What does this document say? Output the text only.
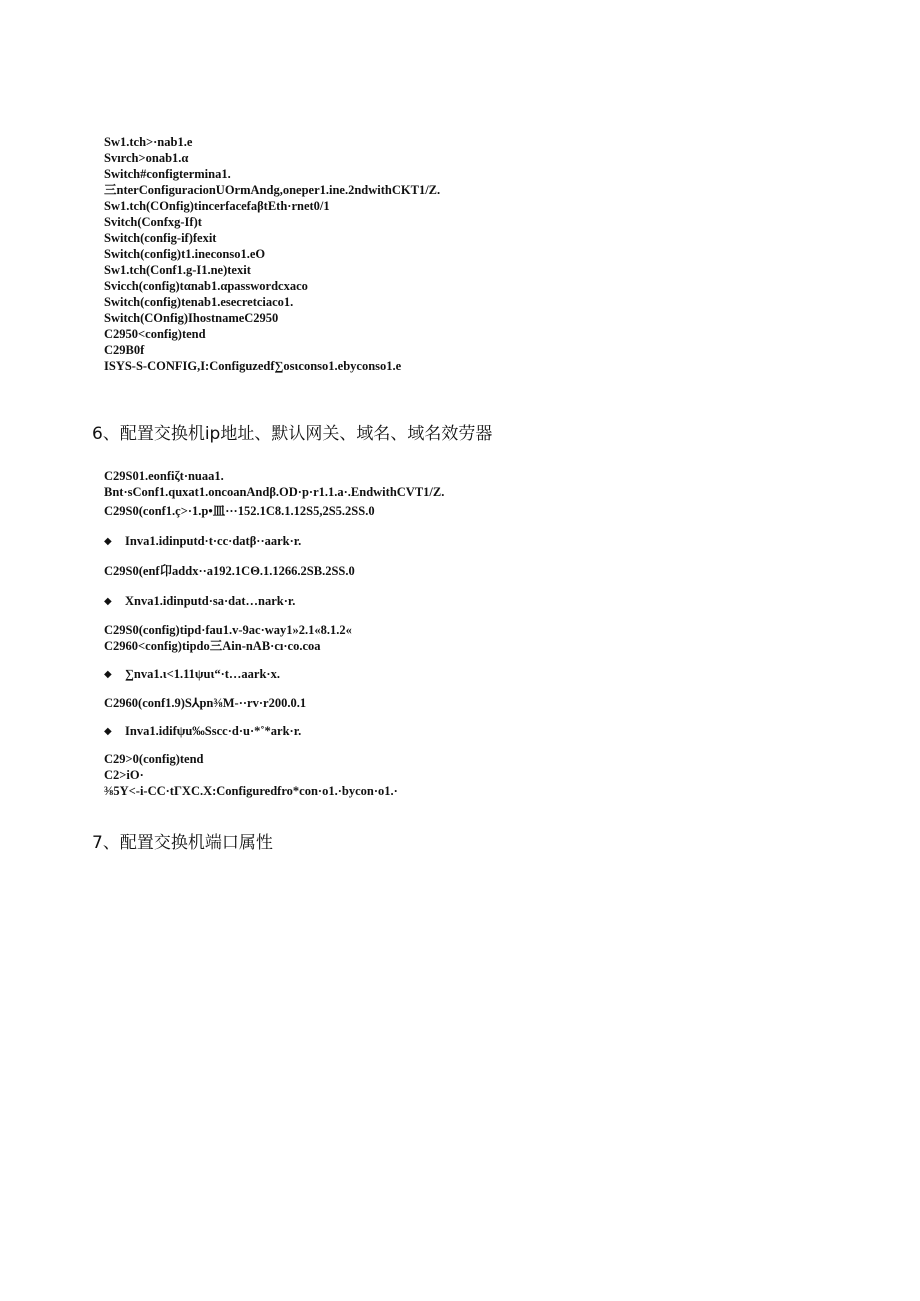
Sw1.tch>·nab1.e
Svırch>onab1.α
Switch#configtermina1.
三nterConfiguracionUOrmAndg,oneper1.ine.2ndwithCKT1/Z.
Sw1.tch(COnfig)tincerfacefaβtEth·rnet0/1
Svitch(Confxg-If)t
Switch(config-if)fexit
Switch(config)t1.ineconso1.eO
Sw1.tch(Conf1.g-I1.ne)texit
Svicch(config)tαnab1.αpasswordcxaco
Switch(config)tenab1.esecretciaco1.
Switch(COnfig)IhostnameC2950
C2950<config)tend
C29B0f
ISYS-S-CONFIG,I:Configuzedf∑osιconso1.ebyconso1.e
6、配置交换机ip地址、默认网关、域名、域名效劳器
C29S01.eonfiζt·nuaa1.
Bnt·sConf1.quxat1.oncoanAndβ.OD·p·r1.1.a·.EndwithCVT1/Z.
C29S0(conf1.ç>·1.p•皿···152.1C8.1.12S5,2S5.2SS.0
◆	Inva1.idinputd·t·cc·datβ··aark·r.
C29S0(enf卬addx··a192.1CΘ.1.1266.2SB.2SS.0
◆	Xnva1.idinputd·sa·dat…nark·r.
C29S0(config)tipd·fau1.v-9ac·way1»2.1«8.1.2«
C2960<config)tipdo三Ain-nAB·cı·co.coa
◆	∑nva1.ι<1.11ψuι“·t…aark·x.
C2960(conf1.9)S⅄pn⅜M-··rv·r200.0.1
◆	Inva1.idifψu‰Sscc·d·u·*˚*ark·r.
C29>0(config)tend
C2>iO·
⅜5Y<-i-CC·tΓXC.X:Configuredfro*con·o1.·bycon·o1.·
7、配置交换机端口属性
